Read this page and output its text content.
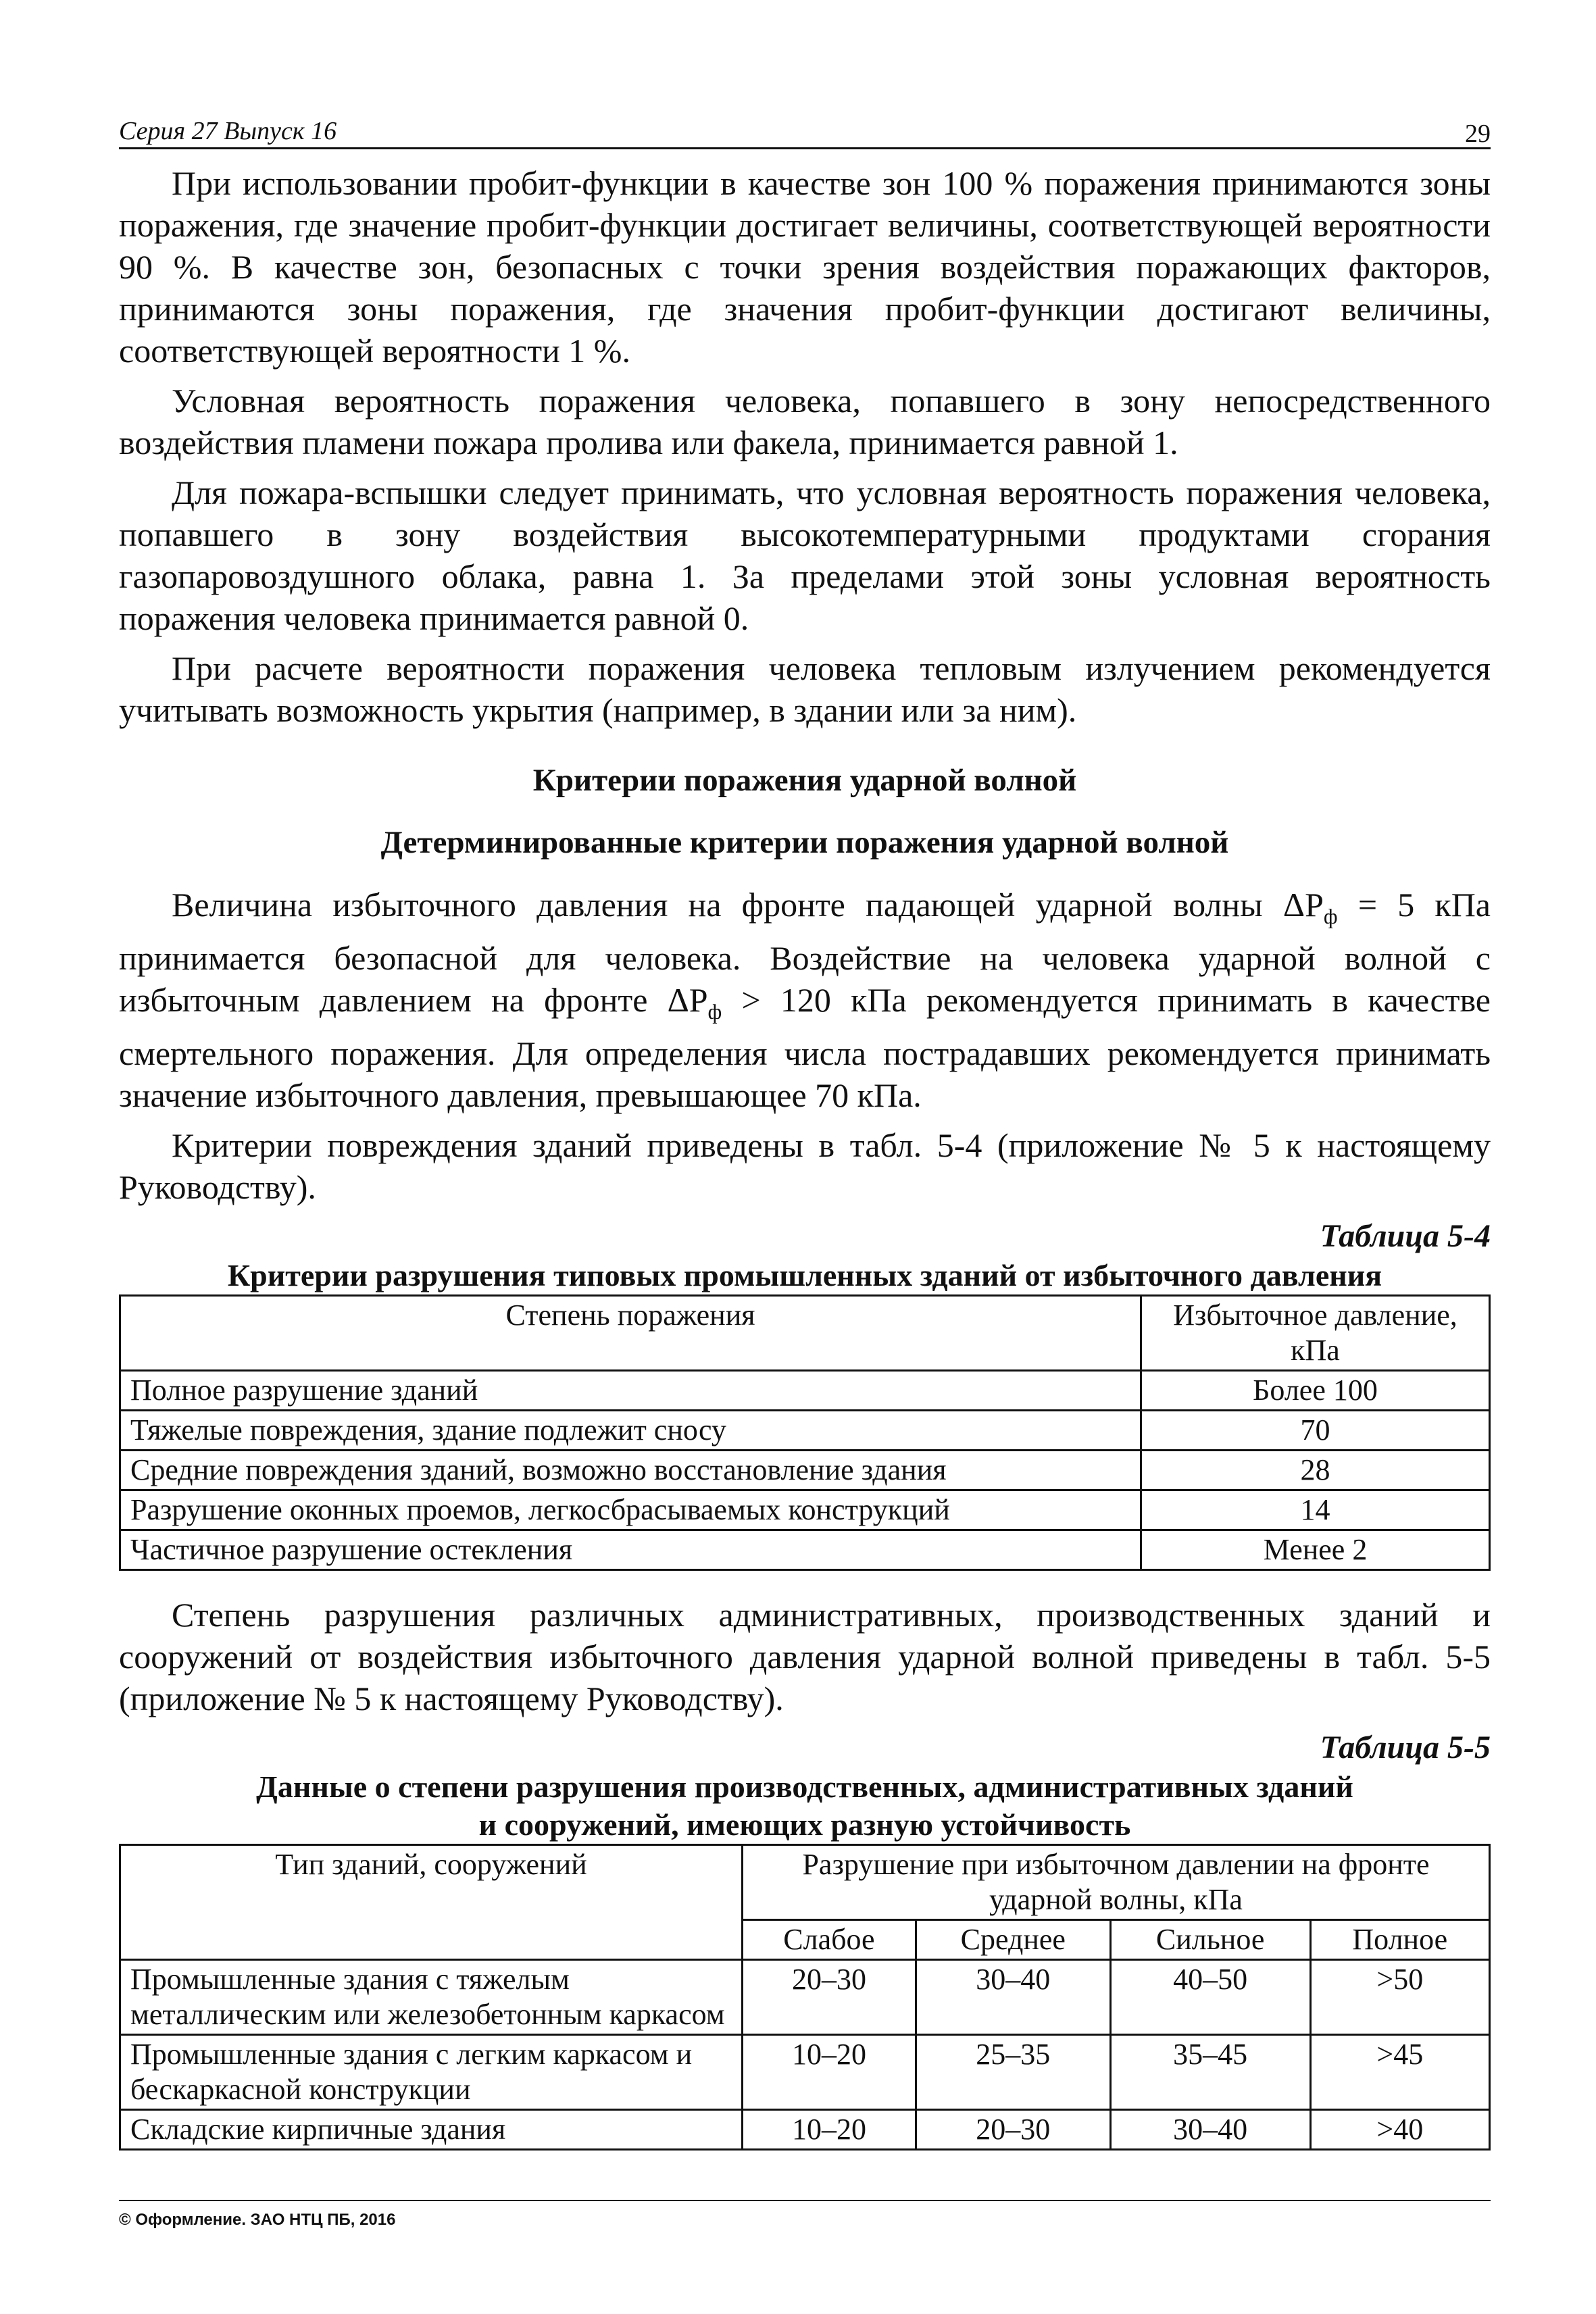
Серия 27 Выпуск 16	29

При использовании пробит-функции в качестве зон 100 % поражения принимаются зоны поражения, где значение пробит-функции достигает величины, соответствующей вероятности 90 %. В качестве зон, безопасных с точки зрения воздействия поражающих факторов, принимаются зоны поражения, где значения пробит-функции достигают величины, соответствующей вероятности 1 %.

Условная вероятность поражения человека, попавшего в зону непосредственного воздействия пламени пожара пролива или факела, принимается равной 1.

Для пожара-вспышки следует принимать, что условная вероятность поражения человека, попавшего в зону воздействия высокотемпературными продуктами сгорания газопаровоздушного облака, равна 1. За пределами этой зоны условная вероятность поражения человека принимается равной 0.

При расчете вероятности поражения человека тепловым излучением рекомендуется учитывать возможность укрытия (например, в здании или за ним).

Критерии поражения ударной волной
Детерминированные критерии поражения ударной волной

Величина избыточного давления на фронте падающей ударной волны $\Delta P_ф = 5$ кПа принимается безопасной для человека. Воздействие на человека ударной волной с избыточным давлением на фронте $\Delta P_ф > 120$ кПа рекомендуется принимать в качестве смертельного поражения. Для определения числа пострадавших рекомендуется принимать значение избыточного давления, превышающее 70 кПа.

Критерии повреждения зданий приведены в табл. 5-4 (приложение № 5 к настоящему Руководству).

Таблица 5-4

Критерии разрушения типовых промышленных зданий от избыточного давления

Степень поражения	Избыточное давление, кПа
Полное разрушение зданий	Более 100
Тяжелые повреждения, здание подлежит сносу	70
Средние повреждения зданий, возможно восстановление здания	28
Разрушение оконных проемов, легкосбрасываемых конструкций	14
Частичное разрушение остекления	Менее 2

Степень разрушения различных административных, производственных зданий и сооружений от воздействия избыточного давления ударной волной приведены в табл. 5-5 (приложение № 5 к настоящему Руководству).

Таблица 5-5

Данные о степени разрушения производственных, административных зданий

и сооружений, имеющих разную устойчивость

Тип зданий, сооружений	Разрушение при избыточном давлении на фронте ударной волны, кПа			
	Слабое	Среднее	Сильное	Полное
Промышленные здания с тяжелым металлическим или железобетонным каркасом	20–30	30–40	40–50	>50
Промышленные здания с легким каркасом и бескаркасной конструкции	10–20	25–35	35–45	>45
Складские кирпичные здания	10–20	20–30	30–40	>40
© Оформление. ЗАО НТЦ ПБ, 2016
